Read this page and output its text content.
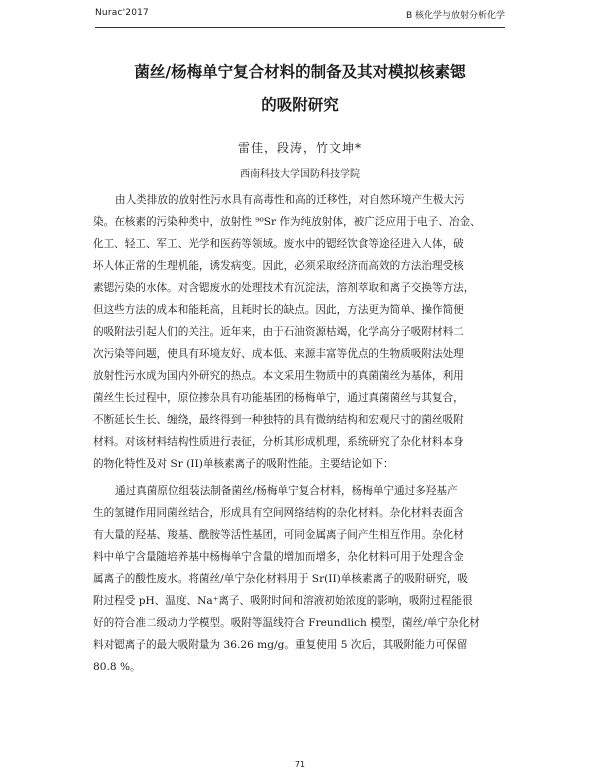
Nurac'2017	B 核化学与放射分析化学
菌丝/杨梅单宁复合材料的制备及其对模拟核素锶
的吸附研究
雷佳，段涛，竹文坤*
西南科技大学国防科技学院
由人类排放的放射性污水具有高毒性和高的迁移性，对自然环境产生极大污
染。在核素的污染种类中，放射性 ⁹⁰Sr 作为纯放射体，被广泛应用于电子、冶金、
化工、轻工、军工、光学和医药等领域。废水中的锶经饮食等途径进入人体，破
坏人体正常的生理机能，诱发病变。因此，必须采取经济而高效的方法治理受核
素锶污染的水体。对含锶废水的处理技术有沉淀法，溶剂萃取和离子交换等方法，
但这些方法的成本和能耗高，且耗时长的缺点。因此，方法更为简单、操作简便
的吸附法引起人们的关注。近年来，由于石油资源枯竭，化学高分子吸附材料二
次污染等问题，使具有环境友好、成本低、来源丰富等优点的生物质吸附法处理
放射性污水成为国内外研究的热点。本文采用生物质中的真菌菌丝为基体，利用
菌丝生长过程中，原位掺杂具有功能基团的杨梅单宁，通过真菌菌丝与其复合，
不断延长生长、缠绕，最终得到一种独特的具有微纳结构和宏观尺寸的菌丝吸附
材料。对该材料结构性质进行表征，分析其形成机理，系统研究了杂化材料本身
的物化特性及对 Sr (II)单核素离子的吸附性能。主要结论如下：
通过真菌原位组装法制备菌丝/杨梅单宁复合材料，杨梅单宁通过多羟基产
生的氢键作用同菌丝结合，形成具有空间网络结构的杂化材料。杂化材料表面含
有大量的羟基、羧基、酰胺等活性基团，可同金属离子间产生相互作用。杂化材
料中单宁含量随培养基中杨梅单宁含量的增加而增多，杂化材料可用于处理含金
属离子的酸性废水。将菌丝/单宁杂化材料用于 Sr(II)单核素离子的吸附研究，吸
附过程受 pH、温度、Na⁺离子、吸附时间和溶液初始浓度的影响，吸附过程能很
好的符合准二级动力学模型。吸附等温线符合 Freundlich 模型，菌丝/单宁杂化材
料对锶离子的最大吸附量为 36.26 mg/g。重复使用 5 次后，其吸附能力可保留
80.8 %。
71
